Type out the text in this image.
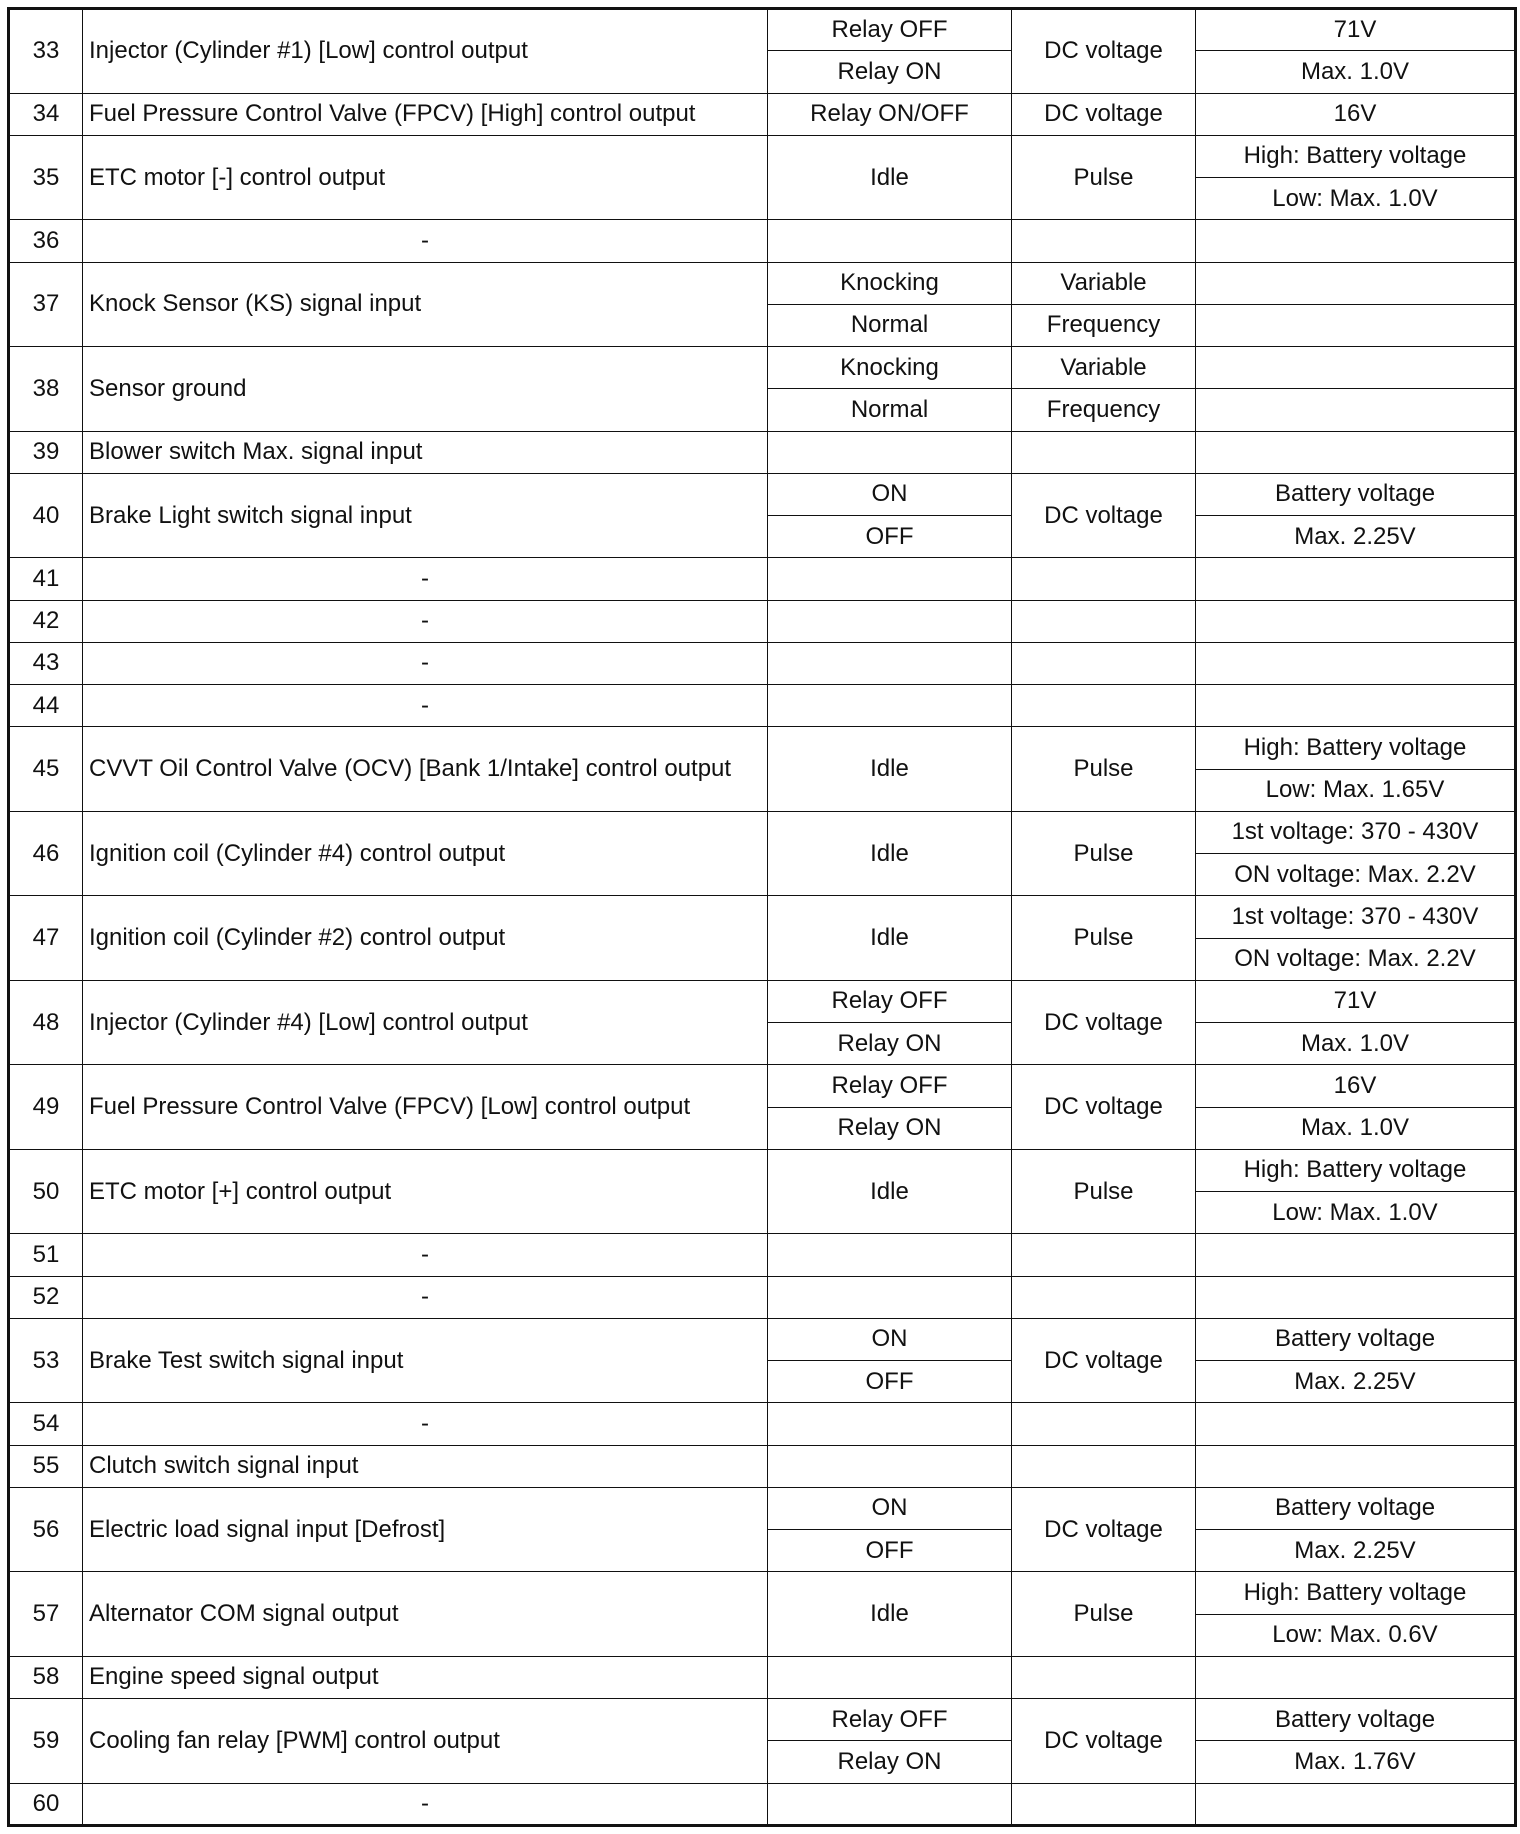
33	Injector (Cylinder #1) [Low] control output	Relay OFF	DC voltage	71V
		Relay ON		Max. 1.0V
34	Fuel Pressure Control Valve (FPCV) [High] control output	Relay ON/OFF	DC voltage	16V
35	ETC motor [-] control output	Idle	Pulse	High: Battery voltage
				Low: Max. 1.0V
36	-			
37	Knock Sensor (KS) signal input	Knocking	Variable	
		Normal	Frequency	
38	Sensor ground	Knocking	Variable	
		Normal	Frequency	
39	Blower switch Max. signal input			
40	Brake Light switch signal input	ON	DC voltage	Battery voltage
		OFF		Max. 2.25V
41	-			
42	-			
43	-			
44	-			
45	CVVT Oil Control Valve (OCV) [Bank 1/Intake] control output	Idle	Pulse	High: Battery voltage
				Low: Max. 1.65V
46	Ignition coil (Cylinder #4) control output	Idle	Pulse	1st voltage: 370 - 430V
				ON voltage: Max. 2.2V
47	Ignition coil (Cylinder #2) control output	Idle	Pulse	1st voltage: 370 - 430V
				ON voltage: Max. 2.2V
48	Injector (Cylinder #4) [Low] control output	Relay OFF	DC voltage	71V
		Relay ON		Max. 1.0V
49	Fuel Pressure Control Valve (FPCV) [Low] control output	Relay OFF	DC voltage	16V
		Relay ON		Max. 1.0V
50	ETC motor [+] control output	Idle	Pulse	High: Battery voltage
				Low: Max. 1.0V
51	-			
52	-			
53	Brake Test switch signal input	ON	DC voltage	Battery voltage
		OFF		Max. 2.25V
54	-			
55	Clutch switch signal input			
56	Electric load signal input [Defrost]	ON	DC voltage	Battery voltage
		OFF		Max. 2.25V
57	Alternator COM signal output	Idle	Pulse	High: Battery voltage
				Low: Max. 0.6V
58	Engine speed signal output			
59	Cooling fan relay [PWM] control output	Relay OFF	DC voltage	Battery voltage
		Relay ON		Max. 1.76V
60	-			
